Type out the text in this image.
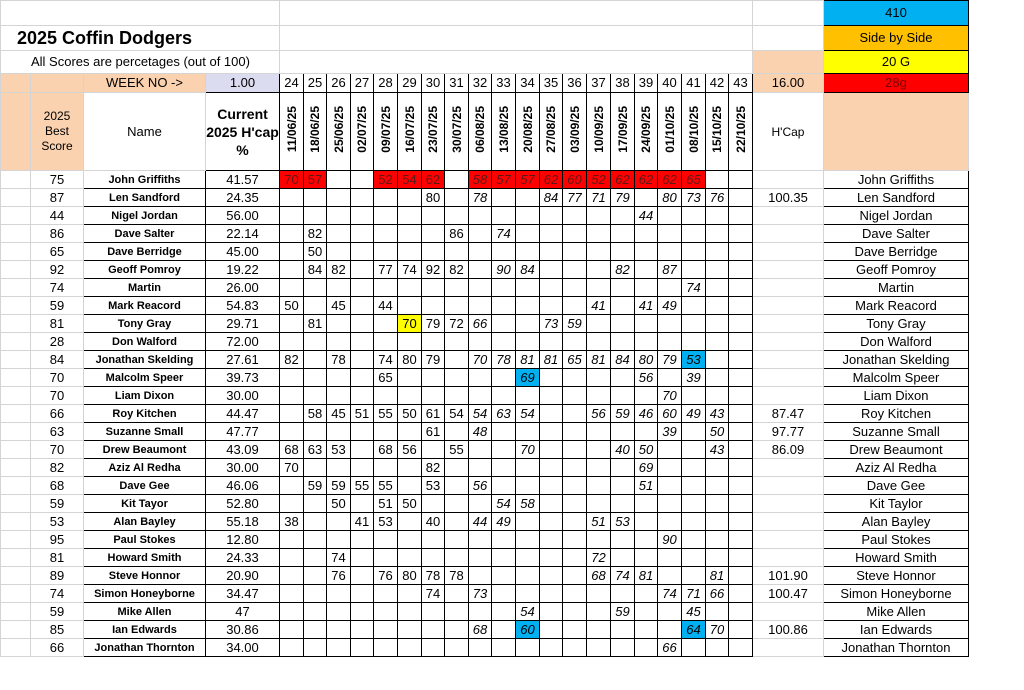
																									410
2025 Coffin Dodgers																									Side by Side
All Scores are percetages (out of 100)																									20 G
		WEEK NO ->	1.00	24	25	26	27	28	29	30	31	32	33	34	35	36	37	38	39	40	41	42	43	16.00	28g
	2025 Best Score	Name	Current 2025 H'cap %	11/06/25	18/06/25	25/06/25	02/07/25	09/07/25	16/07/25	23/07/25	30/07/25	06/08/25	13/08/25	20/08/25	27/08/25	03/09/25	10/09/25	17/09/25	24/09/25	01/10/25	08/10/25	15/10/25	22/10/25	H'Cap	
	75	John Griffiths	41.57	70	57			52	54	62		58	57	57	62	60	52	62	62	62	65				John Griffiths
	87	Len Sandford	24.35							80		78			84	77	71	79		80	73	76		100.35	Len Sandford
	44	Nigel Jordan	56.00																44						Nigel Jordan
	86	Dave Salter	22.14		82						86		74												Dave Salter
	65	Dave Berridge	45.00		50																				Dave Berridge
	92	Geoff Pomroy	19.22		84	82		77	74	92	82		90	84				82		87					Geoff Pomroy
	74	Martin	26.00																		74				Martin
	59	Mark Reacord	54.83	50		45		44									41		41	49					Mark Reacord
	81	Tony Gray	29.71		81				70	79	72	66			73	59									Tony Gray
	28	Don Walford	72.00																						Don Walford
	84	Jonathan Skelding	27.61	82		78		74	80	79		70	78	81	81	65	81	84	80	79	53				Jonathan Skelding
	70	Malcolm Speer	39.73					65						69					56		39				Malcolm Speer
	70	Liam Dixon	30.00																	70					Liam Dixon
	66	Roy Kitchen	44.47		58	45	51	55	50	61	54	54	63	54			56	59	46	60	49	43		87.47	Roy Kitchen
	63	Suzanne Small	47.77							61		48								39		50		97.77	Suzanne Small
	70	Drew Beaumont	43.09	68	63	53		68	56		55			70				40	50			43		86.09	Drew Beaumont
	82	Aziz Al Redha	30.00	70						82									69						Aziz Al Redha
	68	Dave Gee	46.06		59	59	55	55		53		56							51						Dave Gee
	59	Kit Tayor	52.80			50		51	50				54	58											Kit Taylor
	53	Alan Bayley	55.18	38			41	53		40		44	49				51	53							Alan Bayley
	95	Paul Stokes	12.80																	90					Paul Stokes
	81	Howard Smith	24.33			74											72								Howard Smith
	89	Steve Honnor	20.90			76		76	80	78	78						68	74	81			81		101.90	Steve Honnor
	74	Simon Honeyborne	34.47							74		73								74	71	66		100.47	Simon Honeyborne
	59	Mike Allen	47											54				59			45				Mike Allen
	85	Ian Edwards	30.86									68		60							64	70		100.86	Ian Edwards
	66	Jonathan Thornton	34.00																	66					Jonathan Thornton
